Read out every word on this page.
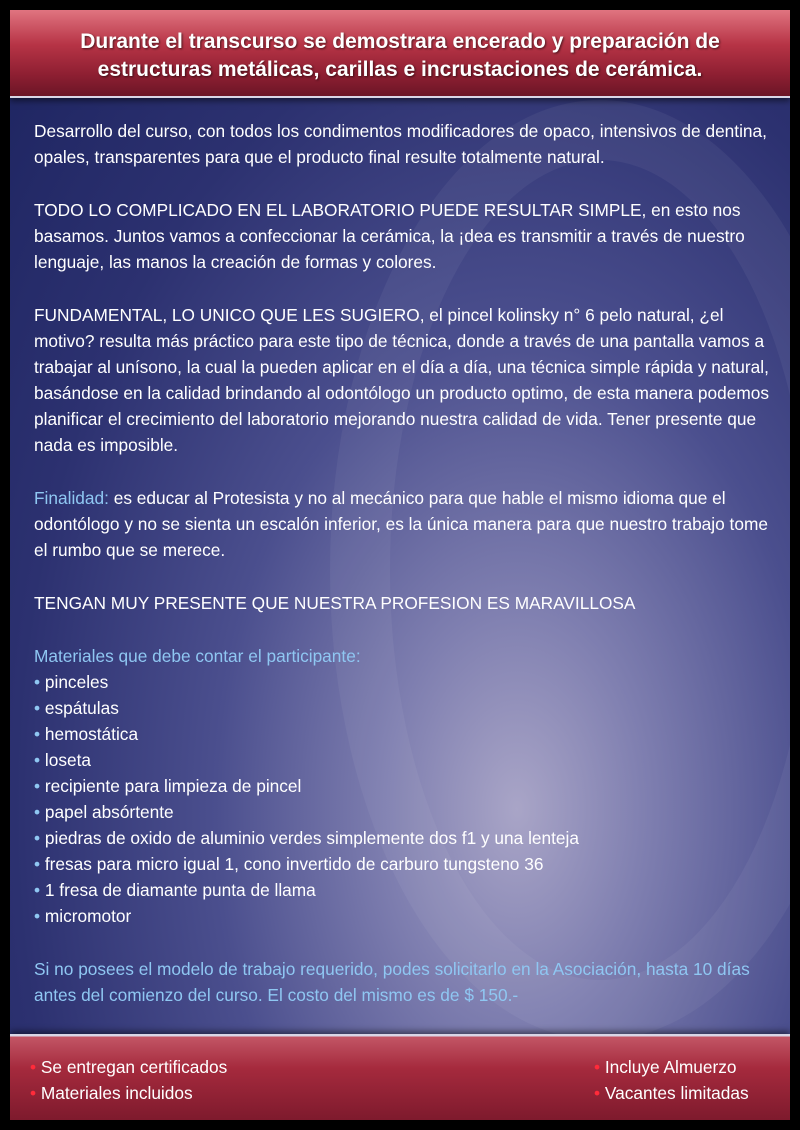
Durante el transcurso se demostrara encerado y preparación de
estructuras metálicas, carillas e incrustaciones de cerámica.

Desarrollo del curso, con todos los condimentos modificadores de opaco, intensivos de dentina, opales, transparentes para que el producto final resulte totalmente natural.

TODO LO COMPLICADO EN EL LABORATORIO PUEDE RESULTAR SIMPLE, en esto nos basamos. Juntos vamos a confeccionar la cerámica, la ¡dea es transmitir a través de nuestro lenguaje, las manos la creación de formas y colores.

FUNDAMENTAL, LO UNICO QUE LES SUGIERO, el pincel kolinsky n° 6 pelo natural, ¿el motivo? resulta más práctico para este tipo de técnica, donde a través de una pantalla vamos a trabajar al unísono, la cual la pueden aplicar en el día a día, una técnica simple rápida y natural, basándose en la calidad brindando al odontólogo un producto optimo, de esta manera podemos planificar el crecimiento del laboratorio mejorando nuestra calidad de vida. Tener presente que nada es imposible.

Finalidad: es educar al Protesista y no al mecánico para que hable el mismo idioma que el odontólogo y no se sienta un escalón inferior, es la única manera para que nuestro trabajo tome el rumbo que se merece.

TENGAN MUY PRESENTE QUE NUESTRA PROFESION ES MARAVILLOSA

Materiales que debe contar el participante:
• pinceles
• espátulas
• hemostática
• loseta
• recipiente para limpieza de pincel
• papel absórtente
• piedras de oxido de aluminio verdes simplemente dos f1 y una lenteja
• fresas para micro igual 1, cono invertido de carburo tungsteno 36
• 1 fresa de diamante punta de llama
• micromotor

Si no posees el modelo de trabajo requerido, podes solicitarlo en la Asociación, hasta 10 días antes del comienzo del curso. El costo del mismo es de $ 150.-

• Se entregan certificados
• Materiales incluidos
• Incluye Almuerzo
• Vacantes limitadas
